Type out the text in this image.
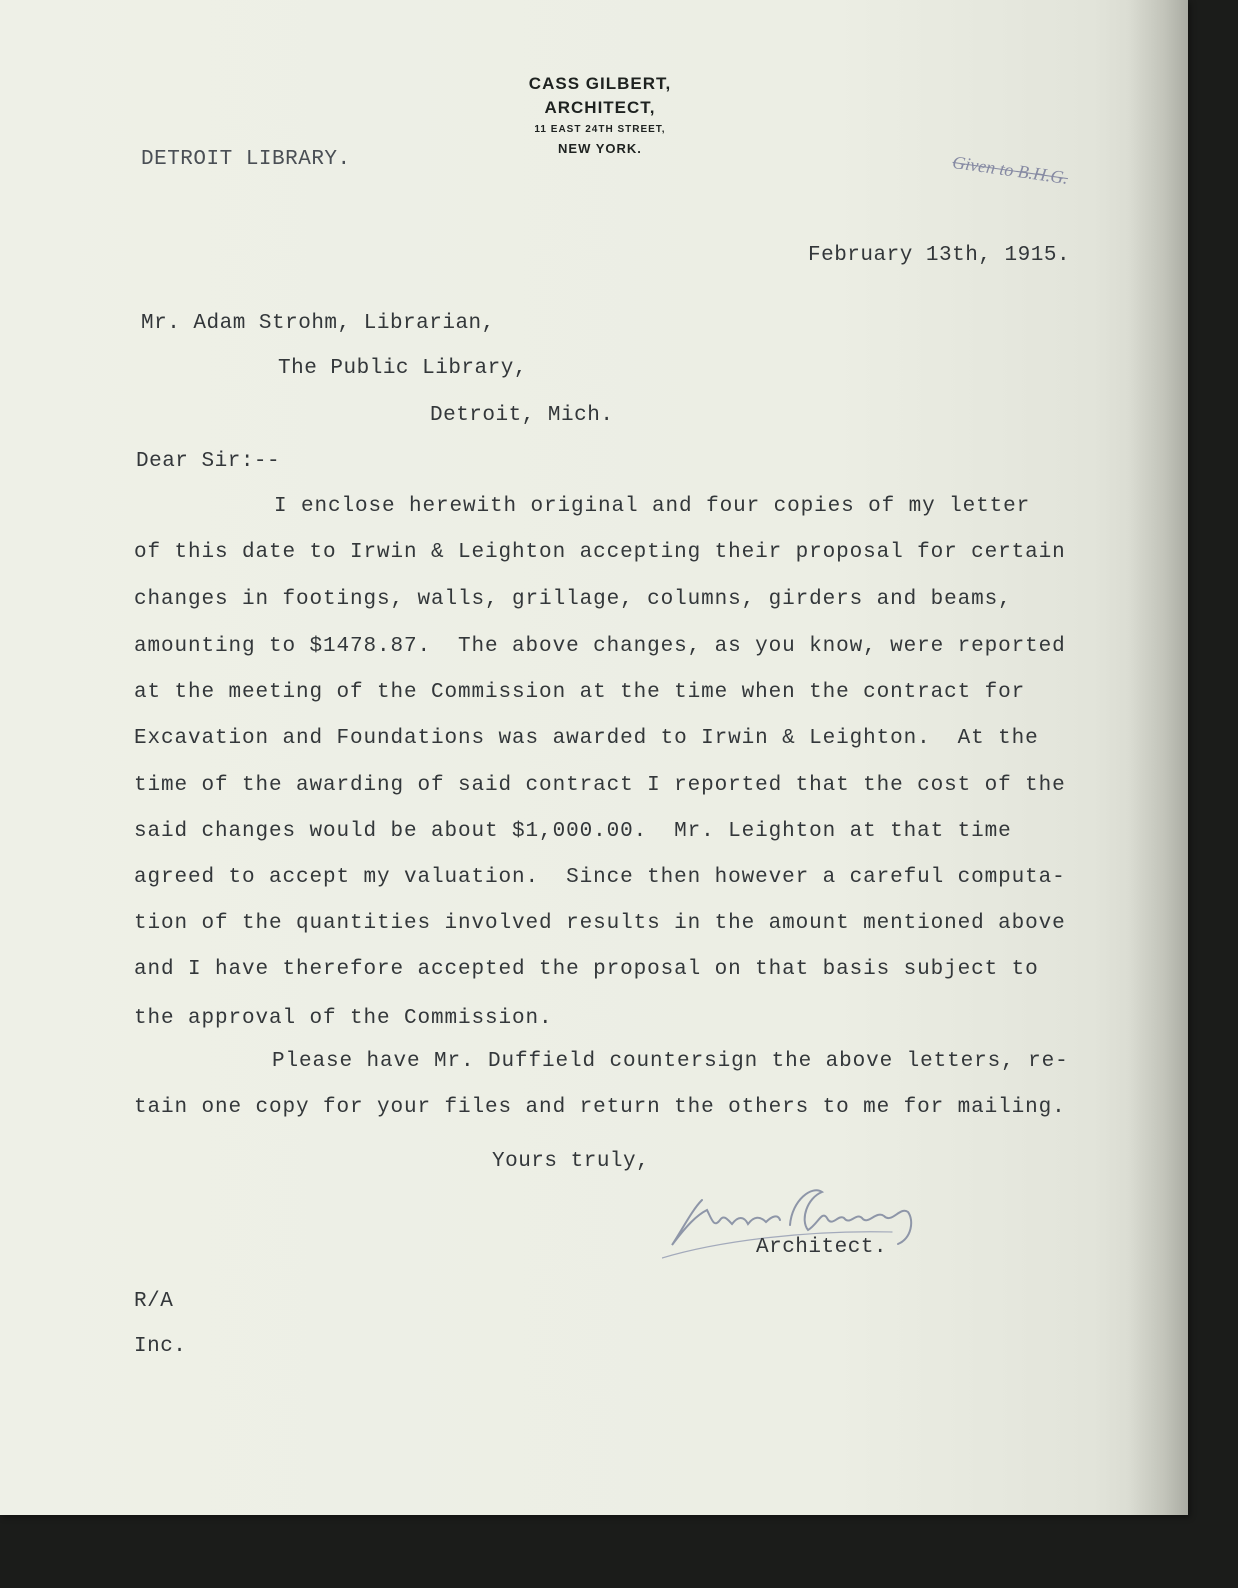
CASS GILBERT,
ARCHITECT,
11 EAST 24TH STREET,
NEW YORK.
DETROIT LIBRARY.	Given to B.H.G.
February 13th, 1915.
Mr. Adam Strohm, Librarian,
The Public Library,
Detroit, Mich.
Dear Sir:--
I enclose herewith original and four copies of my letter
of this date to Irwin & Leighton accepting their proposal for certain
changes in footings, walls, grillage, columns, girders and beams,
amounting to $1478.87.  The above changes, as you know, were reported
at the meeting of the Commission at the time when the contract for
Excavation and Foundations was awarded to Irwin & Leighton.  At the
time of the awarding of said contract I reported that the cost of the
said changes would be about $1,000.00.  Mr. Leighton at that time
agreed to accept my valuation.  Since then however a careful computa-
tion of the quantities involved results in the amount mentioned above
and I have therefore accepted the proposal on that basis subject to
the approval of the Commission.
Please have Mr. Duffield countersign the above letters, re-
tain one copy for your files and return the others to me for mailing.
Yours truly,
Architect.
R/A
Inc.
